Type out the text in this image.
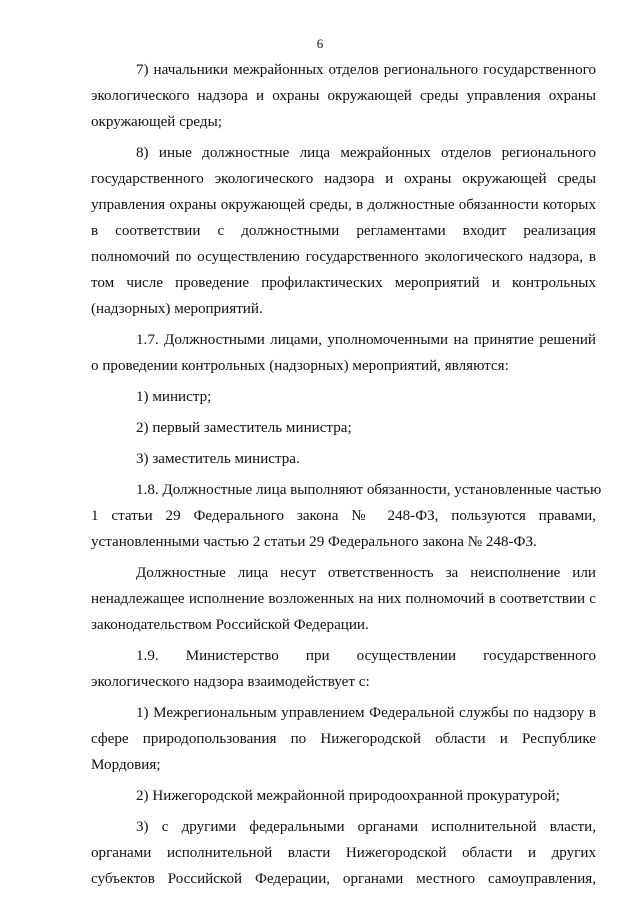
6
7) начальники межрайонных отделов регионального государственного
экологического надзора и охраны окружающей среды управления охраны
окружающей среды;
8) иные должностные лица межрайонных отделов регионального
государственного экологического надзора и охраны окружающей среды
управления охраны окружающей среды, в должностные обязанности которых
в соответствии с должностными регламентами входит реализация
полномочий по осуществлению государственного экологического надзора, в
том числе проведение профилактических мероприятий и контрольных
(надзорных) мероприятий.
1.7. Должностными лицами, уполномоченными на принятие решений
о проведении контрольных (надзорных) мероприятий, являются:
1) министр;
2) первый заместитель министра;
3) заместитель министра.
1.8. Должностные лица выполняют обязанности, установленные частью
1 статьи 29 Федерального закона № 248-ФЗ, пользуются правами,
установленными частью 2 статьи 29 Федерального закона № 248-ФЗ.
Должностные лица несут ответственность за неисполнение или
ненадлежащее исполнение возложенных на них полномочий в соответствии с
законодательством Российской Федерации.
1.9. Министерство при осуществлении государственного
экологического надзора взаимодействует с:
1) Межрегиональным управлением Федеральной службы по надзору в
сфере природопользования по Нижегородской области и Республике
Мордовия;
2) Нижегородской межрайонной природоохранной прокуратурой;
3) с другими федеральными органами исполнительной власти,
органами исполнительной власти Нижегородской области и других
субъектов Российской Федерации, органами местного самоуправления,
